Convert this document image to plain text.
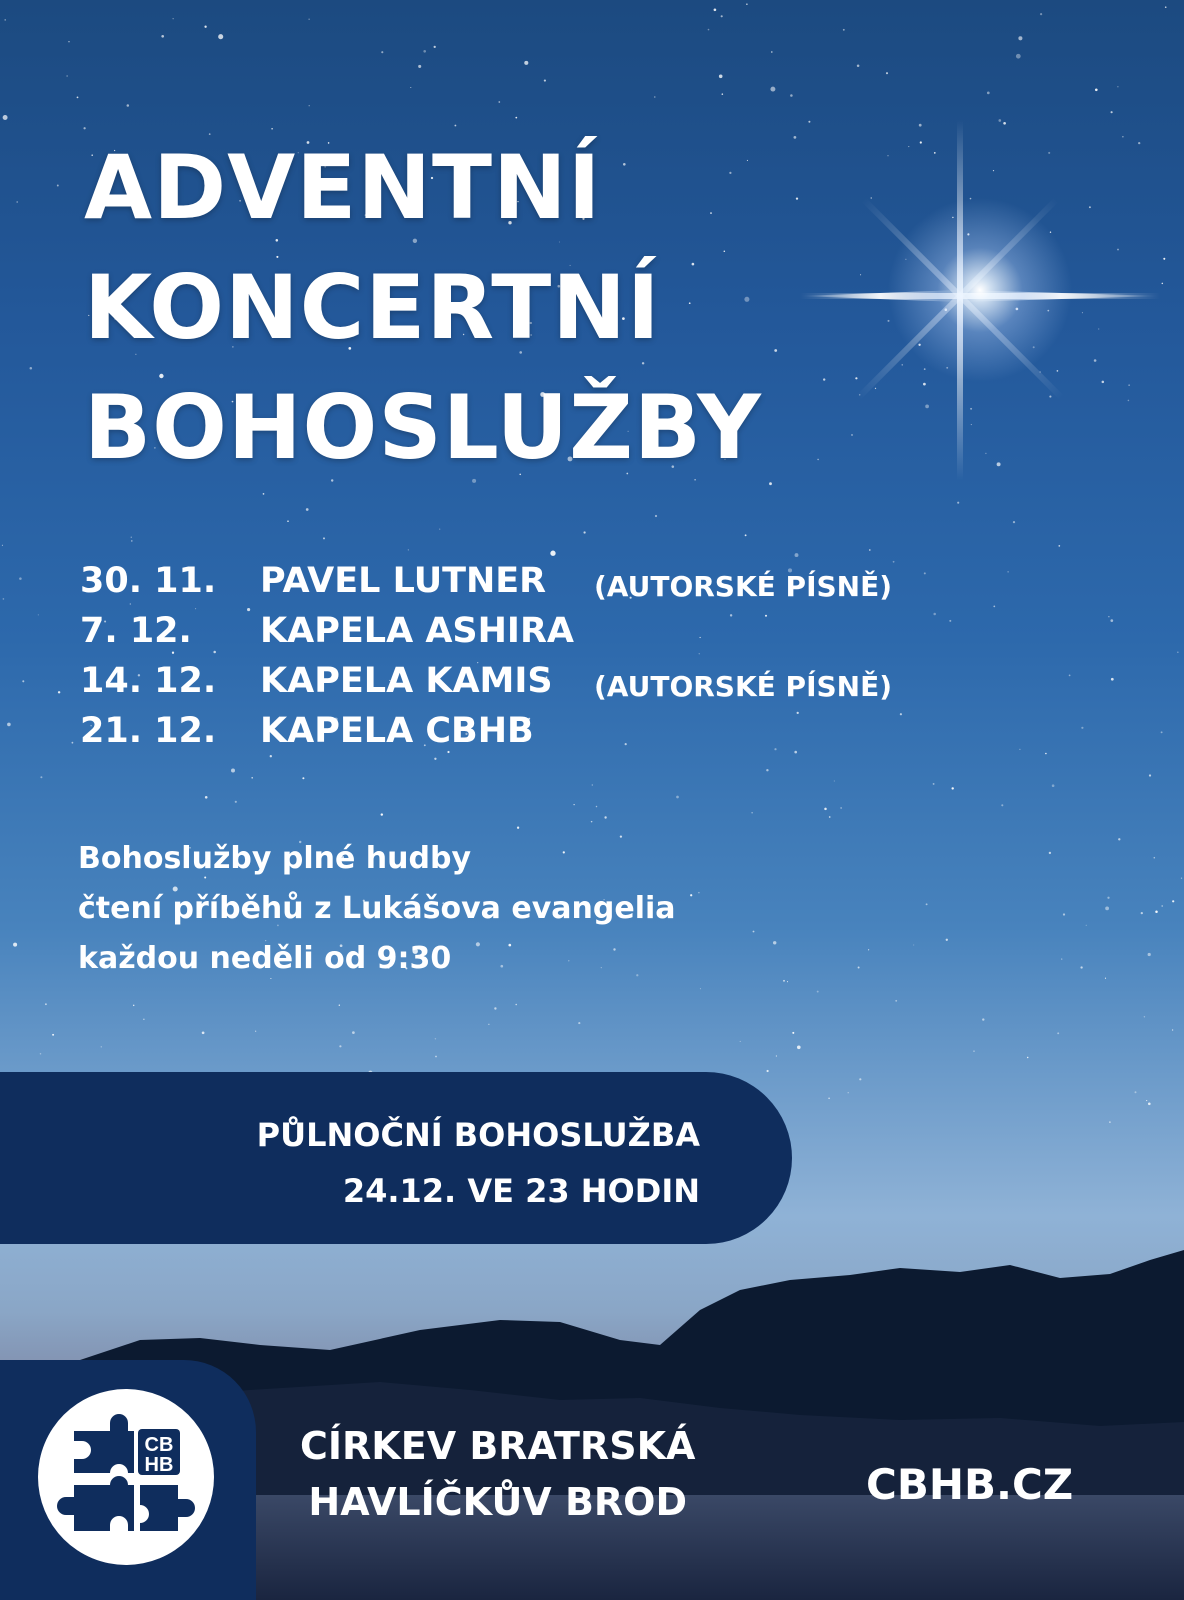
ADVENTNÍ
KONCERTNÍ
BOHOSLUŽBY
30. 11. PAVEL LUTNER (AUTORSKÉ PÍSNĚ)
7. 12. KAPELA ASHIRA
14. 12. KAPELA KAMIS (AUTORSKÉ PÍSNĚ)
21. 12. KAPELA CBHB
Bohoslužby plné hudby
čtení příběhů z Lukášova evangelia
každou neděli od 9:30
PŮLNOČNÍ BOHOSLUŽBA
24.12. VE 23 HODIN
CB
HB	CÍRKEV BRATRSKÁ
HAVLÍČKŮV BROD	CBHB.CZ
